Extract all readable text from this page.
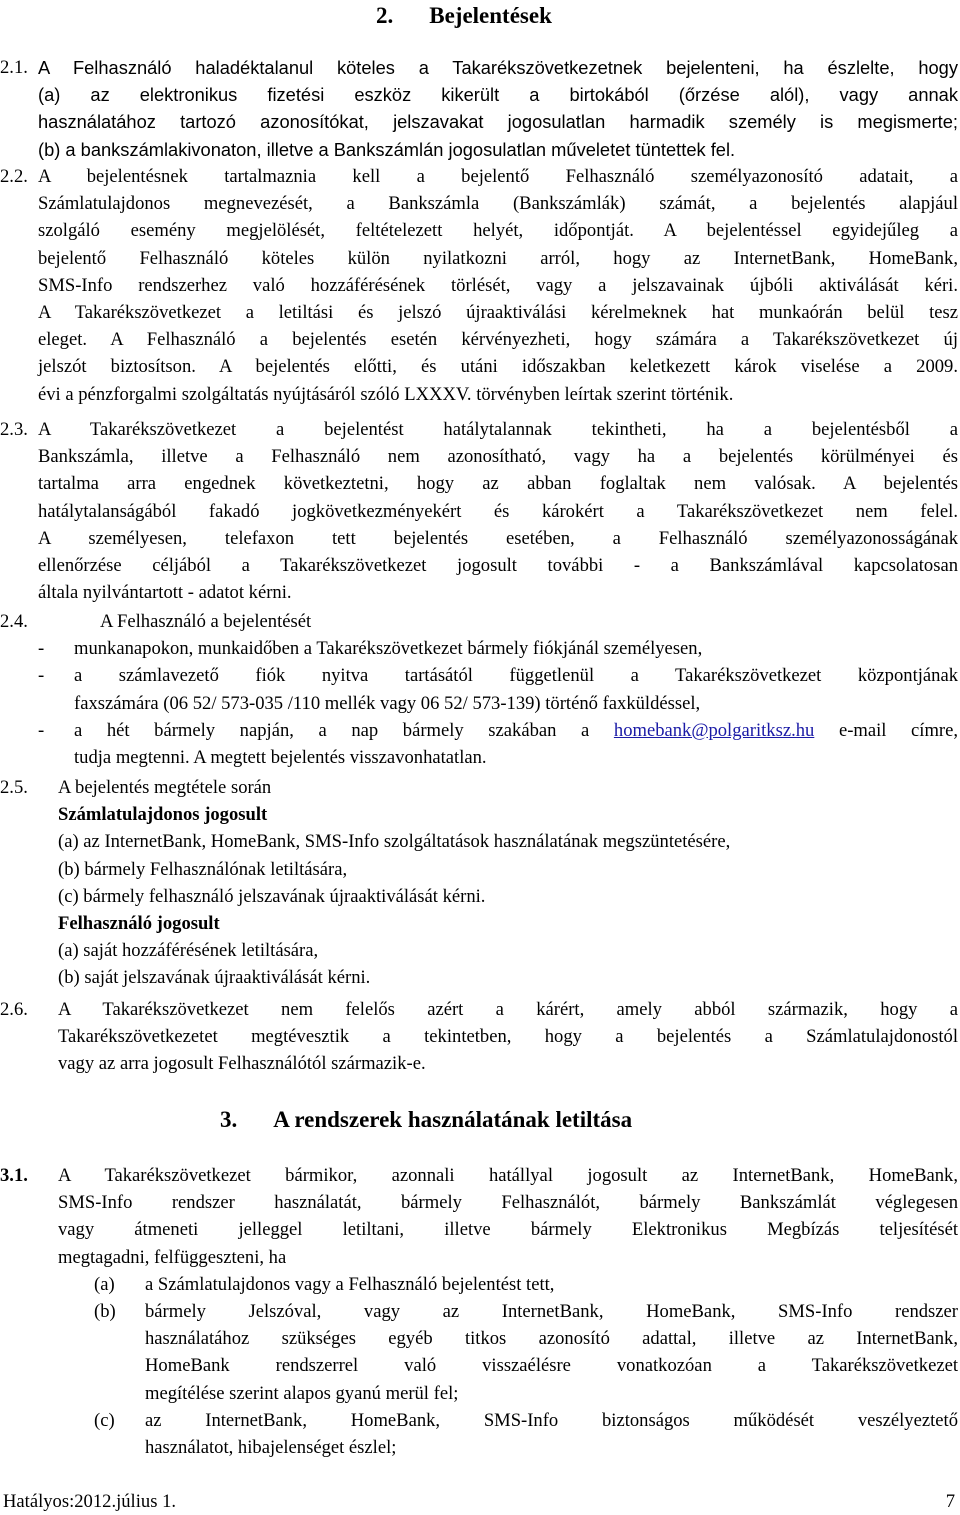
2. Bejelentések
2.1. A Felhasználó haladéktalanul köteles a Takarékszövetkezetnek bejelenteni, ha észlelte, hogy
(a) az elektronikus fizetési eszköz kikerült a birtokából (őrzése alól), vagy annak
használatához tartozó azonosítókat, jelszavakat jogosulatlan harmadik személy is megismerte;
(b) a bankszámlakivonaton, illetve a Bankszámlán jogosulatlan műveletet tüntettek fel.
2.2. A bejelentésnek tartalmaznia kell a bejelentő Felhasználó személyazonosító adatait, a
Számlatulajdonos megnevezését, a Bankszámla (Bankszámlák) számát, a bejelentés alapjául
szolgáló esemény megjelölését, feltételezett helyét, időpontját. A bejelentéssel egyidejűleg a
bejelentő Felhasználó köteles külön nyilatkozni arról, hogy az InternetBank, HomeBank,
SMS-Info rendszerhez való hozzáférésének törlését, vagy a jelszavainak újbóli aktiválását kéri.
A Takarékszövetkezet a letiltási és jelszó újraaktiválási kérelmeknek hat munkaórán belül tesz
eleget. A Felhasználó a bejelentés esetén kérvényezheti, hogy számára a Takarékszövetkezet új
jelszót biztosítson. A bejelentés előtti, és utáni időszakban keletkezett károk viselése a 2009.
évi a pénzforgalmi szolgáltatás nyújtásáról szóló LXXXV. törvényben leírtak szerint történik.
2.3. A Takarékszövetkezet a bejelentést hatálytalannak tekintheti, ha a bejelentésből a
Bankszámla, illetve a Felhasználó nem azonosítható, vagy ha a bejelentés körülményei és
tartalma arra engednek következtetni, hogy az abban foglaltak nem valósak. A bejelentés
hatálytalanságából fakadó jogkövetkezményekért és károkért a Takarékszövetkezet nem felel.
A személyesen, telefaxon tett bejelentés esetében, a Felhasználó személyazonosságának
ellenőrzése céljából a Takarékszövetkezet jogosult további - a Bankszámlával kapcsolatosan
általa nyilvántartott - adatot kérni.
2.4.	A Felhasználó a bejelentését
- munkanapokon, munkaidőben a Takarékszövetkezet bármely fiókjánál személyesen,
- a számlavezető fiók nyitva tartásától függetlenül a Takarékszövetkezet központjának
faxszámára (06 52/ 573-035 /110 mellék vagy 06 52/ 573-139) történő faxküldéssel,
- a hét bármely napján, a nap bármely szakában a homebank@polgaritksz.hu e-mail címre,
tudja megtenni. A megtett bejelentés visszavonhatatlan.
2.5.	A bejelentés megtétele során
Számlatulajdonos jogosult
(a) az InternetBank, HomeBank, SMS-Info szolgáltatások használatának megszüntetésére,
(b) bármely Felhasználónak letiltására,
(c) bármely felhasználó jelszavának újraaktiválását kérni.
Felhasználó jogosult
(a) saját hozzáférésének letiltására,
(b) saját jelszavának újraaktiválását kérni.
2.6. A Takarékszövetkezet nem felelős azért a kárért, amely abból származik, hogy a
Takarékszövetkezetet megtévesztik a tekintetben, hogy a bejelentés a Számlatulajdonostól
vagy az arra jogosult Felhasználótól származik-e.
3. A rendszerek használatának letiltása
3.1. A Takarékszövetkezet bármikor, azonnali hatállyal jogosult az InternetBank, HomeBank,
SMS-Info rendszer használatát, bármely Felhasználót, bármely Bankszámlát véglegesen
vagy átmeneti jelleggel letiltani, illetve bármely Elektronikus Megbízás teljesítését
megtagadni, felfüggeszteni, ha
(a) a Számlatulajdonos vagy a Felhasználó bejelentést tett,
(b) bármely Jelszóval, vagy az InternetBank, HomeBank, SMS-Info rendszer
használatához szükséges egyéb titkos azonosító adattal, illetve az InternetBank,
HomeBank rendszerrel való visszaélésre vonatkozóan a Takarékszövetkezet
megítélése szerint alapos gyanú merül fel;
(c) az InternetBank, HomeBank, SMS-Info biztonságos működését veszélyeztető
használatot, hibajelenséget észlel;
Hatályos:2012.július 1.	7
